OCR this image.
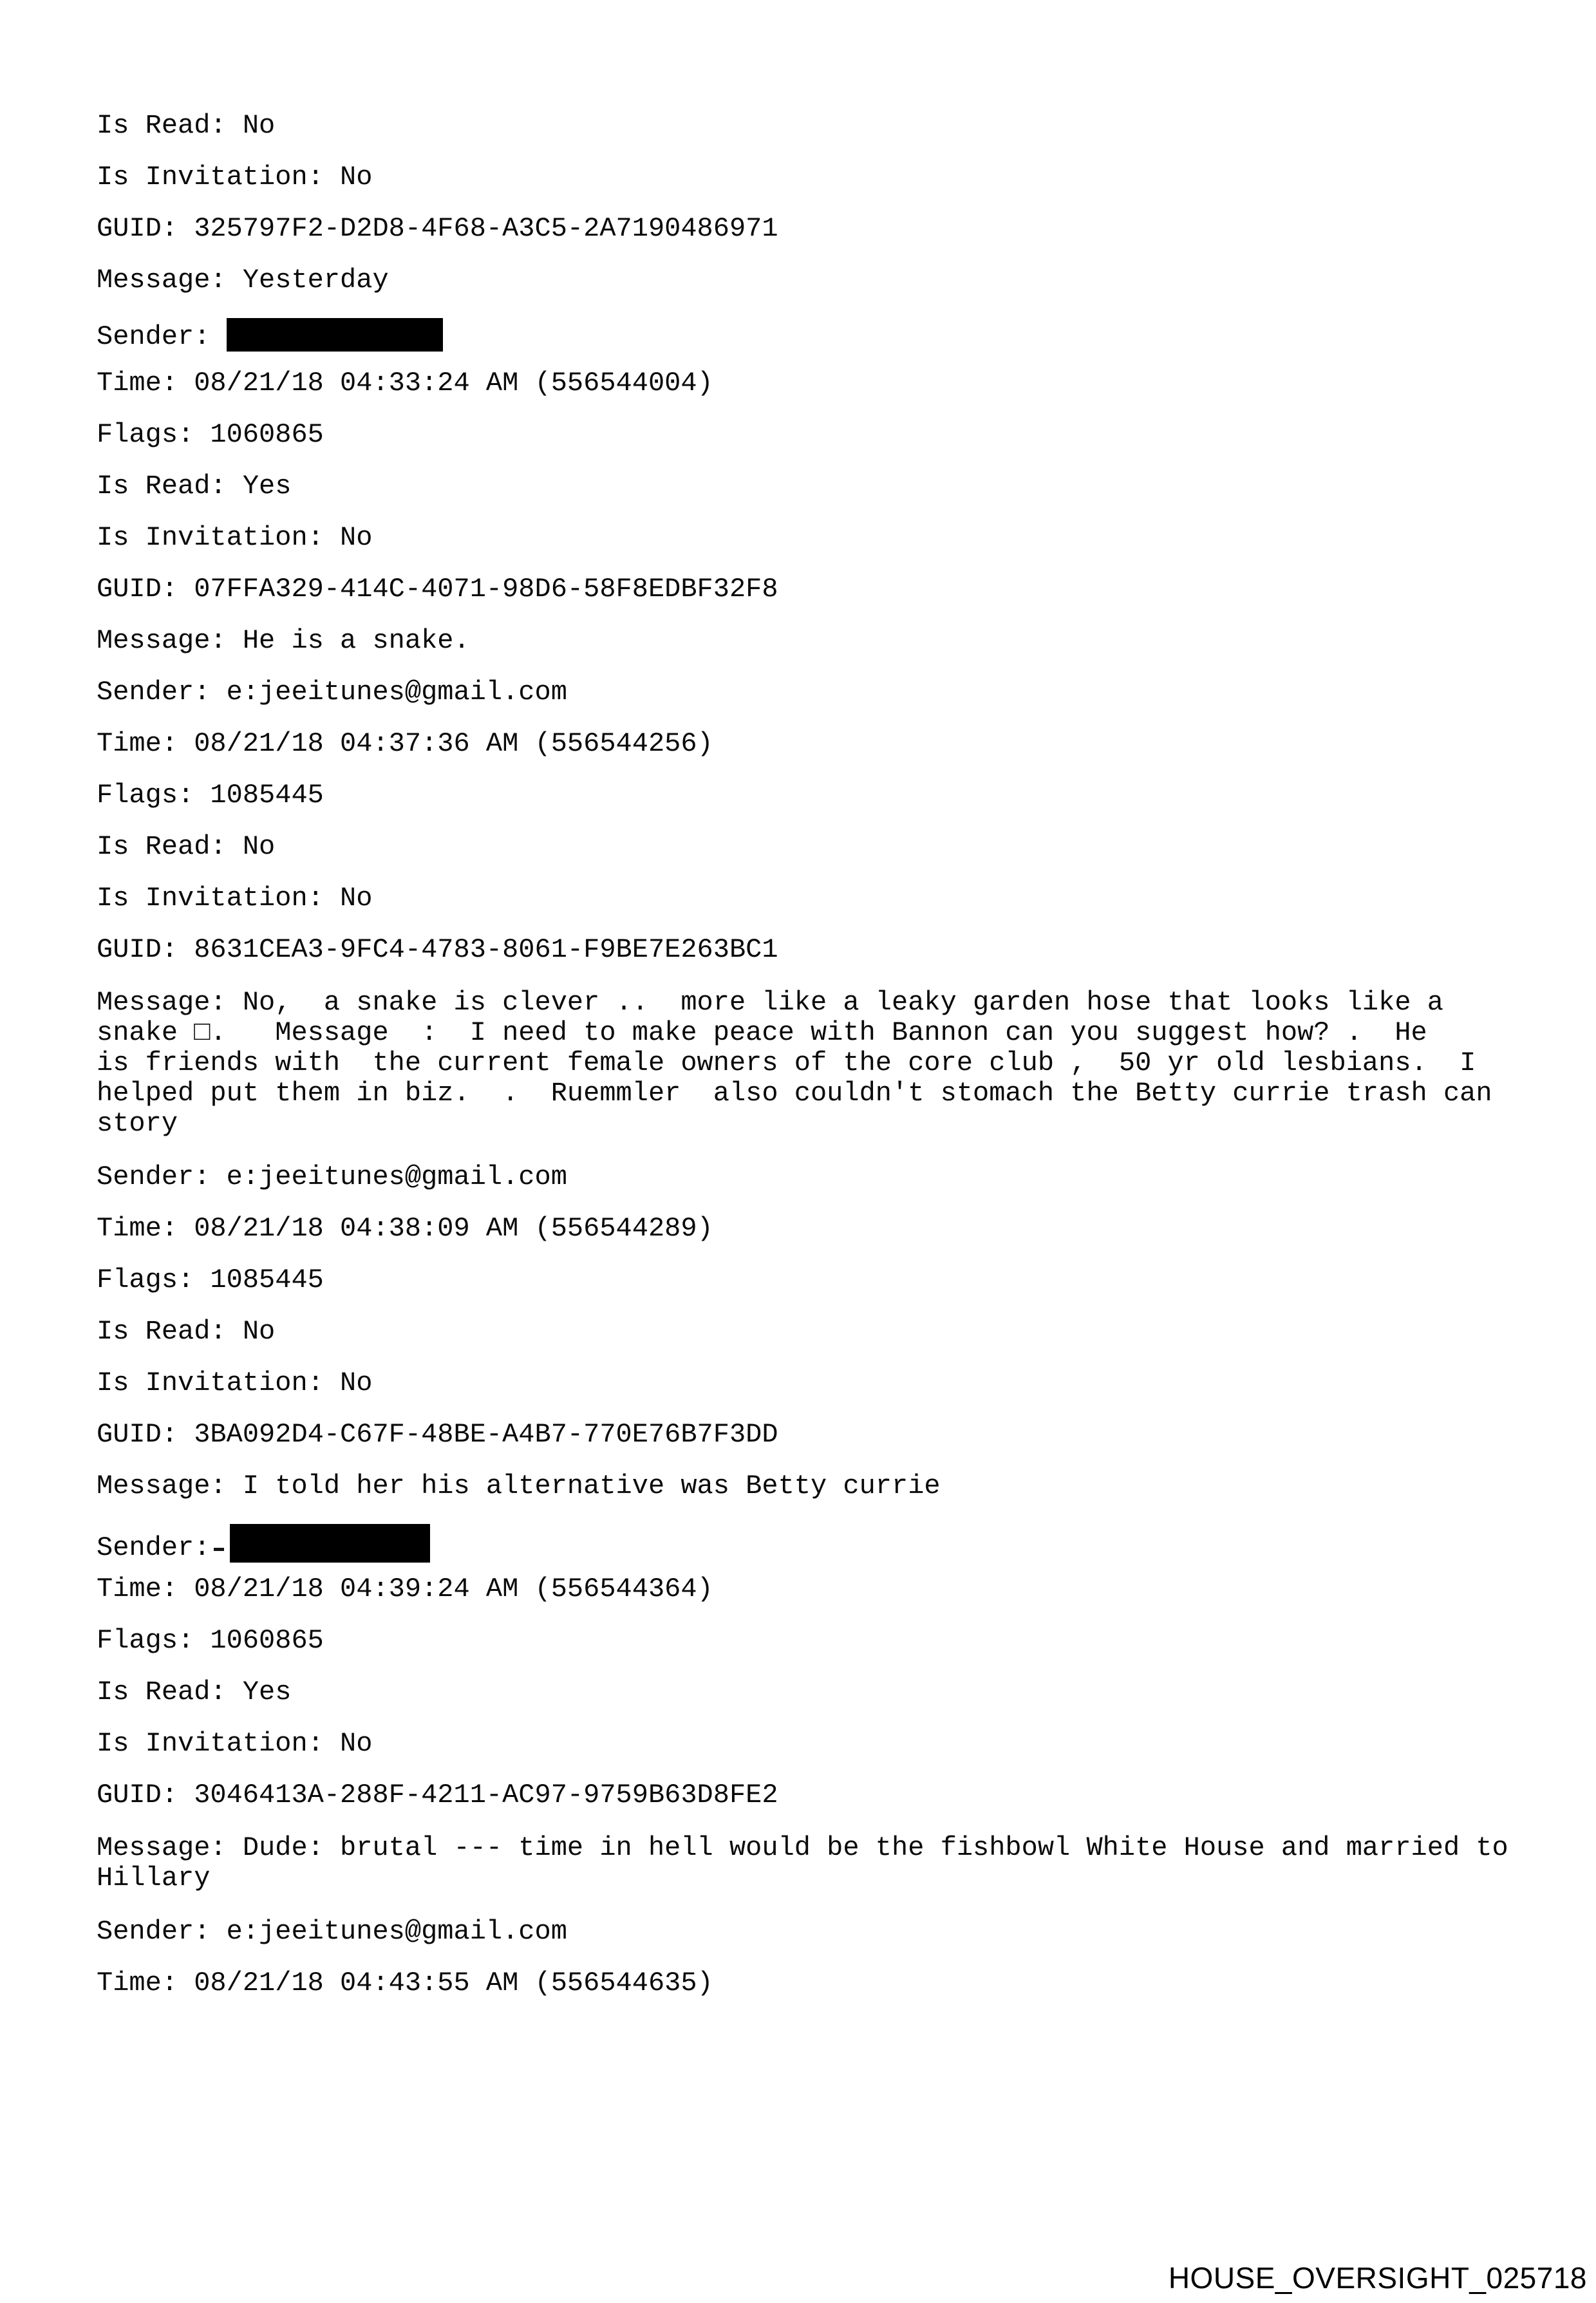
Is Read: No
Is Invitation: No
GUID: 325797F2-D2D8-4F68-A3C5-2A7190486971
Message: Yesterday
Sender:
Time: 08/21/18 04:33:24 AM (556544004)
Flags: 1060865
Is Read: Yes
Is Invitation: No
GUID: 07FFA329-414C-4071-98D6-58F8EDBF32F8
Message: He is a snake.
Sender: e:jeeitunes@gmail.com
Time: 08/21/18 04:37:36 AM (556544256)
Flags: 1085445
Is Read: No
Is Invitation: No
GUID: 8631CEA3-9FC4-4783-8061-F9BE7E263BC1
Message: No,  a snake is clever ..  more like a leaky garden hose that looks like a
snake □.   Message  :  I need to make peace with Bannon can you suggest how? .  He
is friends with  the current female owners of the core club ,  50 yr old lesbians.  I
helped put them in biz.  .  Ruemmler  also couldn't stomach the Betty currie trash can
story
Sender: e:jeeitunes@gmail.com
Time: 08/21/18 04:38:09 AM (556544289)
Flags: 1085445
Is Read: No
Is Invitation: No
GUID: 3BA092D4-C67F-48BE-A4B7-770E76B7F3DD
Message: I told her his alternative was Betty currie
Sender:
Time: 08/21/18 04:39:24 AM (556544364)
Flags: 1060865
Is Read: Yes
Is Invitation: No
GUID: 3046413A-288F-4211-AC97-9759B63D8FE2
Message: Dude: brutal --- time in hell would be the fishbowl White House and married to
Hillary
Sender: e:jeeitunes@gmail.com
Time: 08/21/18 04:43:55 AM (556544635)
HOUSE_OVERSIGHT_025718
